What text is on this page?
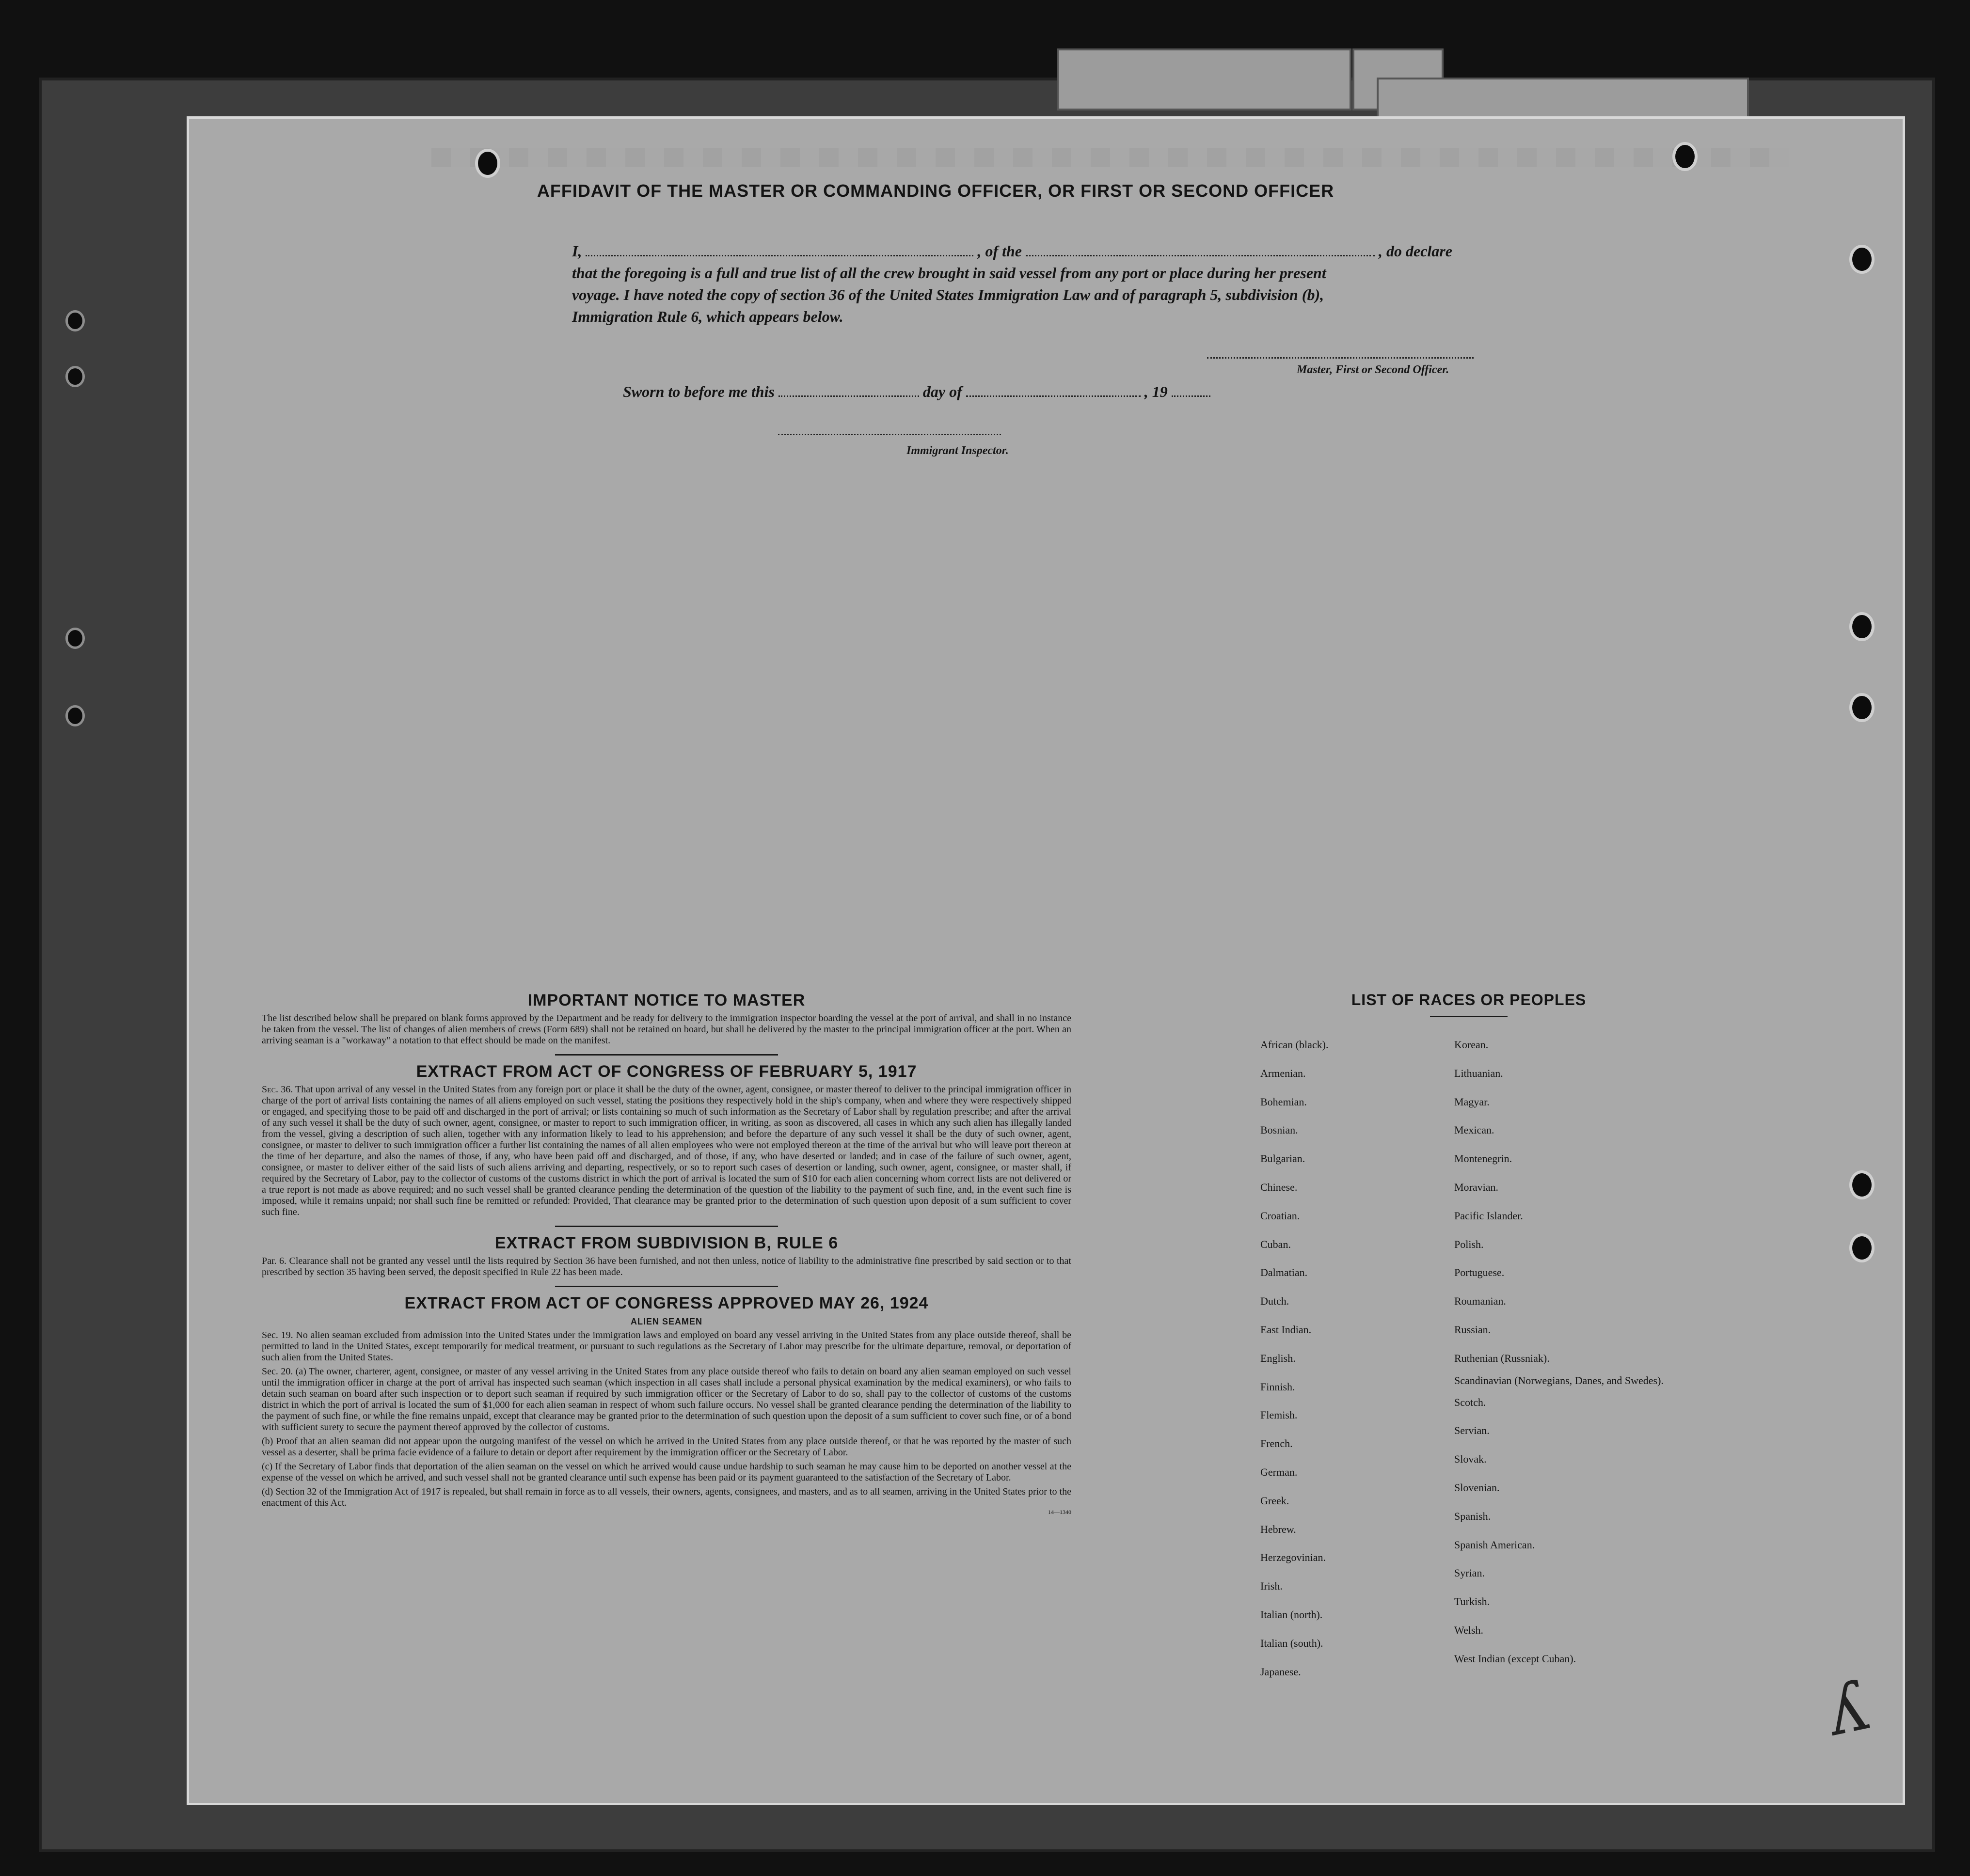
AFFIDAVIT OF THE MASTER OR COMMANDING OFFICER, OR FIRST OR SECOND OFFICER
I,	, of the	, do declare
that the foregoing is a full and true list of all the crew brought in said vessel from any port or place during her present
voyage. I have noted the copy of section 36 of the United States Immigration Law and of paragraph 5, subdivision (b),
Immigration Rule 6, which appears below.
Master, First or Second Officer.
Sworn to before me this	day of	, 19
Immigrant Inspector.
IMPORTANT NOTICE TO MASTER

The list described below shall be prepared on blank forms approved by the Department and be ready for delivery to the immigration inspector boarding the vessel at the port of arrival, and shall in no instance be taken from the vessel. The list of changes of alien members of crews (Form 689) shall not be retained on board, but shall be delivered by the master to the principal immigration officer at the port. When an arriving seaman is a "workaway" a notation to that effect should be made on the manifest.

EXTRACT FROM ACT OF CONGRESS OF FEBRUARY 5, 1917

Sec. 36. That upon arrival of any vessel in the United States from any foreign port or place it shall be the duty of the owner, agent, consignee, or master thereof to deliver to the principal immigration officer in charge of the port of arrival lists containing the names of all aliens employed on such vessel, stating the positions they respectively hold in the ship's company, when and where they were respectively shipped or engaged, and specifying those to be paid off and discharged in the port of arrival; or lists containing so much of such information as the Secretary of Labor shall by regulation prescribe; and after the arrival of any such vessel it shall be the duty of such owner, agent, consignee, or master to report to such immigration officer, in writing, as soon as discovered, all cases in which any such alien has illegally landed from the vessel, giving a description of such alien, together with any information likely to lead to his apprehension; and before the departure of any such vessel it shall be the duty of such owner, agent, consignee, or master to deliver to such immigration officer a further list containing the names of all alien employees who were not employed thereon at the time of the arrival but who will leave port thereon at the time of her departure, and also the names of those, if any, who have been paid off and discharged, and of those, if any, who have deserted or landed; and in case of the failure of such owner, agent, consignee, or master to deliver either of the said lists of such aliens arriving and departing, respectively, or so to report such cases of desertion or landing, such owner, agent, consignee, or master shall, if required by the Secretary of Labor, pay to the collector of customs of the customs district in which the port of arrival is located the sum of $10 for each alien concerning whom correct lists are not delivered or a true report is not made as above required; and no such vessel shall be granted clearance pending the determination of the question of the liability to the payment of such fine, and, in the event such fine is imposed, while it remains unpaid; nor shall such fine be remitted or refunded: Provided, That clearance may be granted prior to the determination of such question upon deposit of a sum sufficient to cover such fine.

EXTRACT FROM SUBDIVISION B, RULE 6

Par. 6. Clearance shall not be granted any vessel until the lists required by Section 36 have been furnished, and not then unless, notice of liability to the administrative fine prescribed by said section or to that prescribed by section 35 having been served, the deposit specified in Rule 22 has been made.

EXTRACT FROM ACT OF CONGRESS APPROVED MAY 26, 1924
ALIEN SEAMEN

Sec. 19. No alien seaman excluded from admission into the United States under the immigration laws and employed on board any vessel arriving in the United States from any place outside thereof, shall be permitted to land in the United States, except temporarily for medical treatment, or pursuant to such regulations as the Secretary of Labor may prescribe for the ultimate departure, removal, or deportation of such alien from the United States.

Sec. 20. (a) The owner, charterer, agent, consignee, or master of any vessel arriving in the United States from any place outside thereof who fails to detain on board any alien seaman employed on such vessel until the immigration officer in charge at the port of arrival has inspected such seaman (which inspection in all cases shall include a personal physical examination by the medical examiners), or who fails to detain such seaman on board after such inspection or to deport such seaman if required by such immigration officer or the Secretary of Labor to do so, shall pay to the collector of customs of the customs district in which the port of arrival is located the sum of $1,000 for each alien seaman in respect of whom such failure occurs. No vessel shall be granted clearance pending the determination of the liability to the payment of such fine, or while the fine remains unpaid, except that clearance may be granted prior to the determination of such question upon the deposit of a sum sufficient to cover such fine, or of a bond with sufficient surety to secure the payment thereof approved by the collector of customs.

(b) Proof that an alien seaman did not appear upon the outgoing manifest of the vessel on which he arrived in the United States from any place outside thereof, or that he was reported by the master of such vessel as a deserter, shall be prima facie evidence of a failure to detain or deport after requirement by the immigration officer or the Secretary of Labor.

(c) If the Secretary of Labor finds that deportation of the alien seaman on the vessel on which he arrived would cause undue hardship to such seaman he may cause him to be deported on another vessel at the expense of the vessel on which he arrived, and such vessel shall not be granted clearance until such expense has been paid or its payment guaranteed to the satisfaction of the Secretary of Labor.

(d) Section 32 of the Immigration Act of 1917 is repealed, but shall remain in force as to all vessels, their owners, agents, consignees, and masters, and as to all seamen, arriving in the United States prior to the enactment of this Act.

14—1340
LIST OF RACES OR PEOPLES
African (black).
Armenian.
Bohemian.
Bosnian.
Bulgarian.
Chinese.
Croatian.
Cuban.
Dalmatian.
Dutch.
East Indian.
English.
Finnish.
Flemish.
French.
German.
Greek.
Hebrew.
Herzegovinian.
Irish.
Italian (north).
Italian (south).
Japanese.
Korean.
Lithuanian.
Magyar.
Mexican.
Montenegrin.
Moravian.
Pacific Islander.
Polish.
Portuguese.
Roumanian.
Russian.
Ruthenian (Russniak).
Scandinavian (Norwegians, Danes, and Swedes).
Scotch.
Servian.
Slovak.
Slovenian.
Spanish.
Spanish American.
Syrian.
Turkish.
Welsh.
West Indian (except Cuban).
ʎ
